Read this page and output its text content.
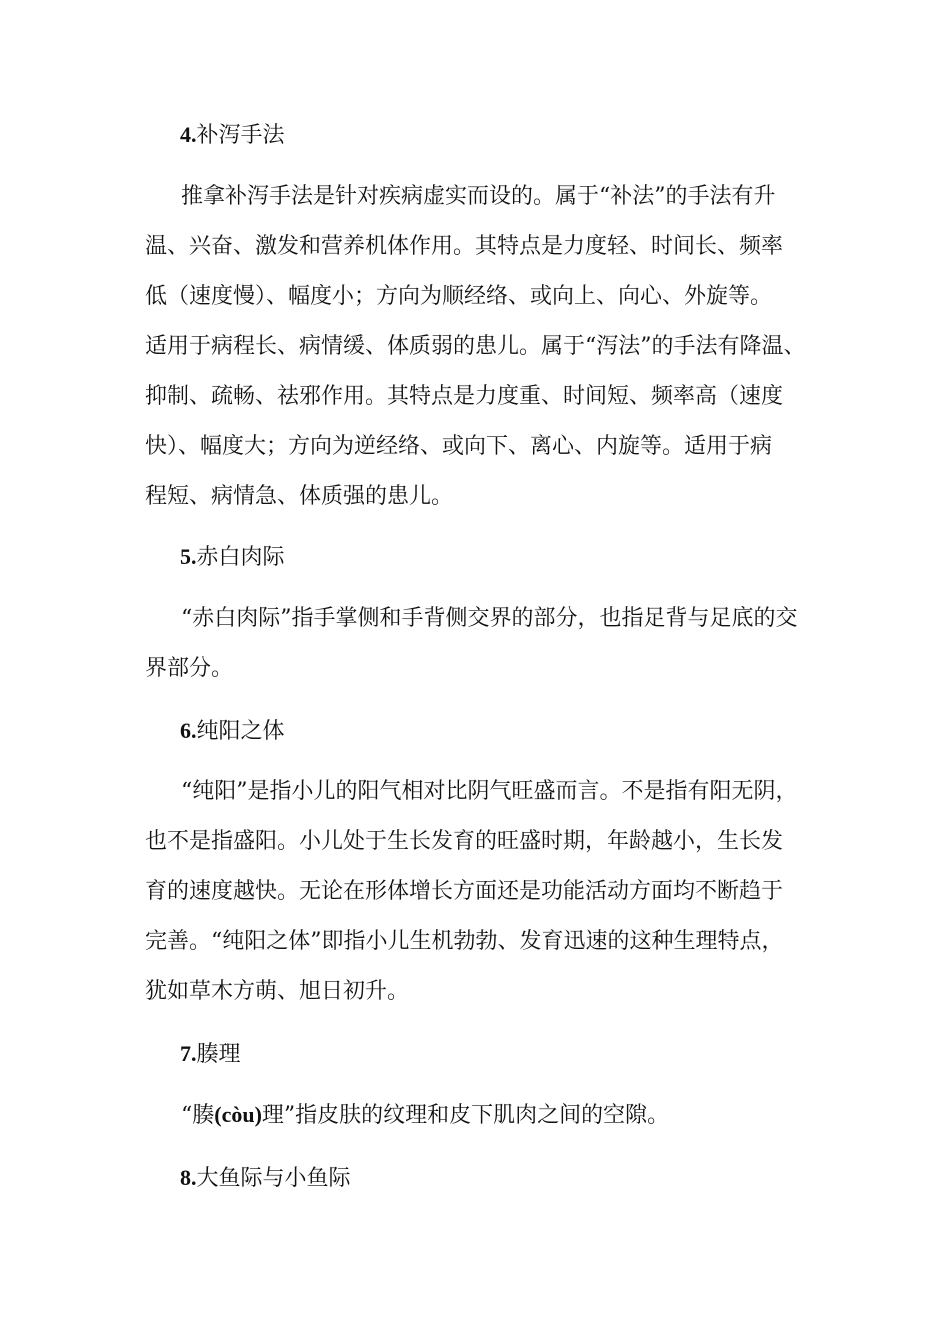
4.补泻手法
推拿补泻手法是针对疾病虚实而设的。属于“补法”的手法有升
温、兴奋、激发和营养机体作用。其特点是力度轻、时间长、频率
低（速度慢）、幅度小；方向为顺经络、或向上、向心、外旋等。
适用于病程长、病情缓、体质弱的患儿。属于“泻法”的手法有降温、
抑制、疏畅、祛邪作用。其特点是力度重、时间短、频率高（速度
快）、幅度大；方向为逆经络、或向下、离心、内旋等。适用于病
程短、病情急、体质强的患儿。
5.赤白肉际
“赤白肉际”指手掌侧和手背侧交界的部分，也指足背与足底的交
界部分。
6.纯阳之体
“纯阳”是指小儿的阳气相对比阴气旺盛而言。不是指有阳无阴，
也不是指盛阳。小儿处于生长发育的旺盛时期，年龄越小，生长发
育的速度越快。无论在形体增长方面还是功能活动方面均不断趋于
完善。“纯阳之体”即指小儿生机勃勃、发育迅速的这种生理特点，
犹如草木方萌、旭日初升。
7.腠理
“腠(còu)理”指皮肤的纹理和皮下肌肉之间的空隙。
8.大鱼际与小鱼际
